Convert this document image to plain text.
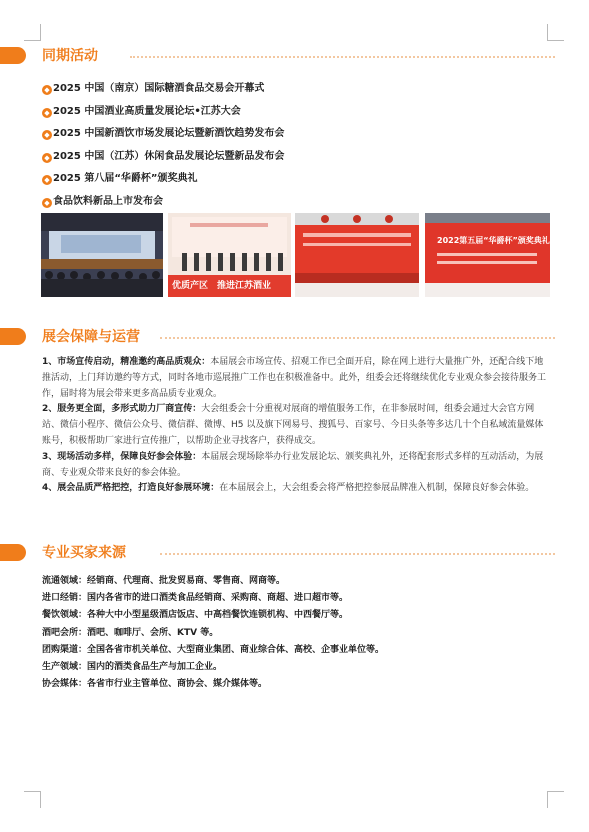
同期活动
◆ 2025 中国（南京）国际糖酒食品交易会开幕式
◆ 2025 中国酒业高质量发展论坛•江苏大会
◆ 2025 中国新酒饮市场发展论坛暨新酒饮趋势发布会
◆ 2025 中国（江苏）休闲食品发展论坛暨新品发布会
◆ 2025 第八届“华爵杯”颁奖典礼
◆ 食品饮料新品上市发布会
优质产区　推进江苏酒业
2022第五届“华爵杯”颁奖典礼
展会保障与运营

1、市场宣传启动，精准邀约高品质观众：本届展会市场宣传、招观工作已全面开启，除在网上进行大量推广外，还配合线下地推活动，上门拜访邀约等方式，同时各地市巡展推广工作也在积极准备中。此外，组委会还将继续优化专业观众参会接待服务工作，届时将为展会带来更多高品质专业观众。

2、服务更全面，多形式助力厂商宣传：大会组委会十分重视对展商的增值服务工作，在非参展时间，组委会通过大会官方网站、微信小程序、微信公众号、微信群、微博、H5 以及旗下网易号、搜狐号、百家号、今日头条等多达几十个自私域流量媒体账号，积极帮助厂家进行宣传推广，以帮助企业寻找客户，获得成交。

3、现场活动多样，保障良好参会体验：本届展会现场除举办行业发展论坛、颁奖典礼外，还将配套形式多样的互动活动，为展商、专业观众带来良好的参会体验。

4、展会品质严格把控，打造良好参展环境：在本届展会上，大会组委会将严格把控参展品牌准入机制，保障良好参会体验。

专业买家来源
流通领域：经销商、代理商、批发贸易商、零售商、网商等。
进口经销：国内各省市的进口酒类食品经销商、采购商、商超、进口超市等。
餐饮领域：各种大中小型星级酒店饭店、中高档餐饮连锁机构、中西餐厅等。
酒吧会所：酒吧、咖啡厅、会所、KTV 等。
团购渠道：全国各省市机关单位、大型商业集团、商业综合体、高校、企事业单位等。
生产领域：国内的酒类食品生产与加工企业。
协会媒体：各省市行业主管单位、商协会、媒介媒体等。
